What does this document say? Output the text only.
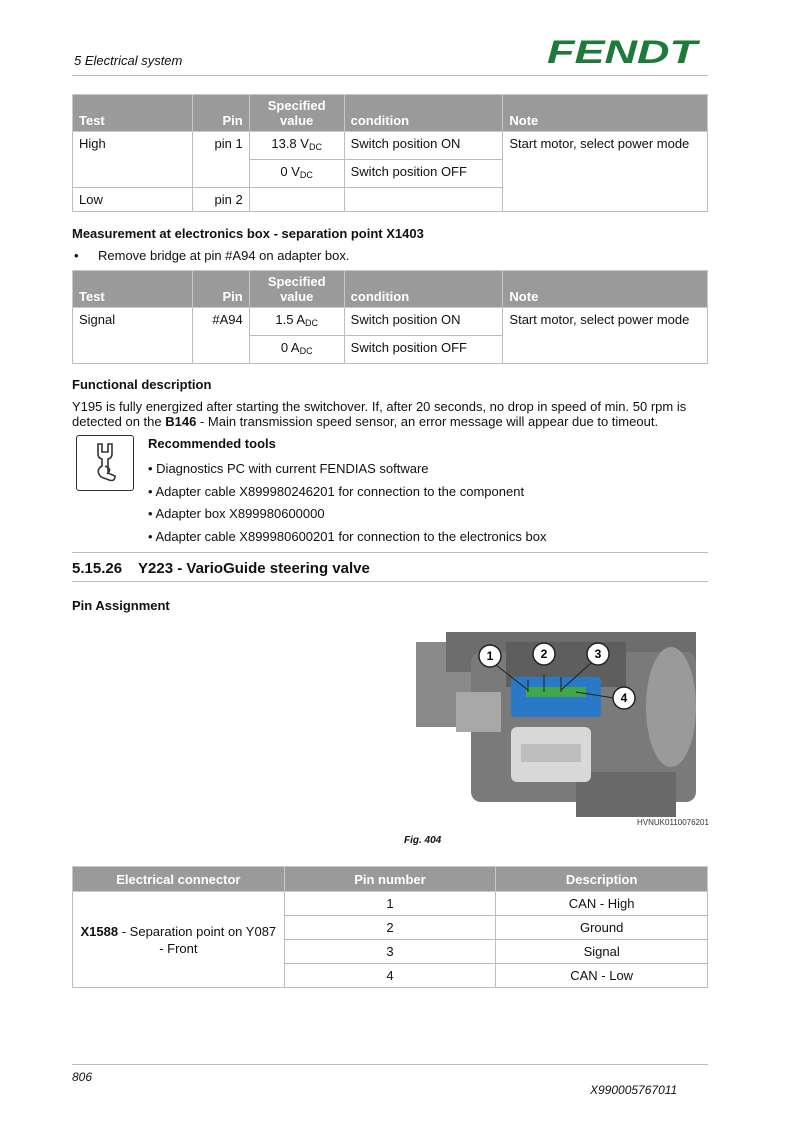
5 Electrical system	FENDT
Test	Pin	Specified value	condition	Note
High	pin 1	13.8 $V_{DC}$	Switch position ON	Start motor, select power mode
		0 $V_{DC}$	Switch position OFF	
Low	pin 2			
Measurement at electronics box - separation point X1403
• Remove bridge at pin #A94 on adapter box.
Test	Pin	Specified value	condition	Note
Signal	#A94	1.5 $A_{DC}$	Switch position ON	Start motor, select power mode
		0 $A_{DC}$	Switch position OFF	
Functional description
Y195 is fully energized after starting the switchover. If, after 20 seconds, no drop in speed of min. 50 rpm is detected on the B146 - Main transmission speed sensor, an error message will appear due to timeout.
Recommended tools
• Diagnostics PC with current FENDIAS software
• Adapter cable X899980246201 for connection to the component
• Adapter box X899980600000
• Adapter cable X899980600201 for connection to the electronics box
5.15.26 Y223 - VarioGuide steering valve
Pin Assignment
1	2	3
4
HVNUK0110076201
Fig. 404
Electrical connector	Pin number	Description
X1588 - Separation point on Y087 - Front	1	CAN - High
	2	Ground
	3	Signal
	4	CAN - Low
806
X990005767011
